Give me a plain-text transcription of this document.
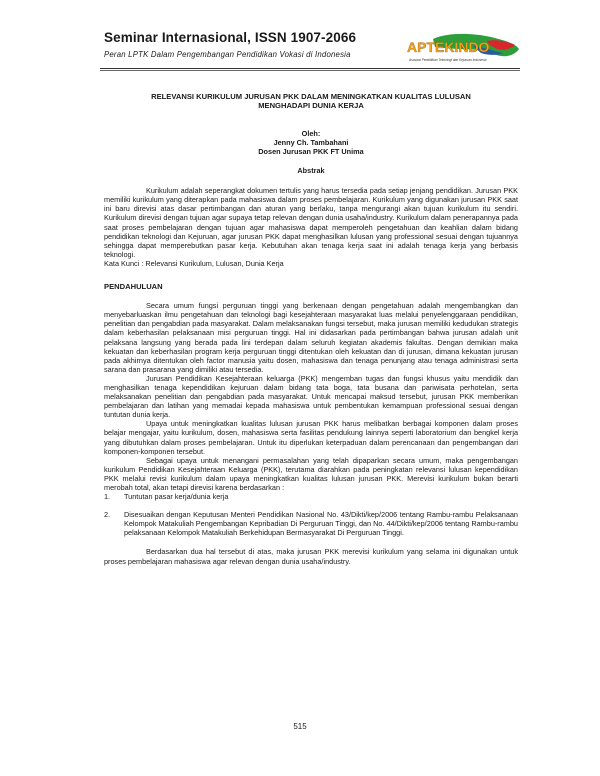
Seminar Internasional, ISSN 1907-2066
Peran LPTK Dalam Pengembangan Pendidikan Vokasi di Indonesia	APTEKINDO
Asosiasi Pendidikan Teknologi dan Kejuruan Indonesia
RELEVANSI KURIKULUM JURUSAN PKK DALAM MENINGKATKAN KUALITAS LULUSAN
MENGHADAPI DUNIA KERJA
Oleh:
Jenny Ch. Tambahani
Dosen Jurusan PKK FT Unima
Abstrak

Kurikulum adalah seperangkat dokumen tertulis yang harus tersedia pada setiap jenjang pendidikan. Jurusan PKK memiliki kurikulum yang diterapkan pada mahasiswa dalam proses pembelajaran. Kurikulum yang digunakan jurusan PKK saat ini baru direvisi atas dasar pertimbangan dan aturan yang berlaku, tanpa mengurangi akan tujuan kurikulum itu sendiri. Kurikulum direvisi dengan tujuan agar supaya tetap relevan dengan dunia usaha/industry. Kurikulum dalam penerapannya pada saat proses pembelajaran dengan tujuan agar mahasiswa dapat memperoleh pengetahuan dan keahlian dalam bidang pendidikan teknologi dan Kejuruan, agar jurusan PKK dapat menghasilkan lulusan yang professional sesuai dengan tujuannya sehingga dapat memperebutkan pasar kerja. Kebutuhan akan tenaga kerja saat ini adalah tenaga kerja yang berbasis teknologi.

Kata Kunci : Relevansi Kurikulum, Lulusan, Dunia Kerja

PENDAHULUAN

Secara umum fungsi perguruan tinggi yang berkenaan dengan pengetahuan adalah mengembangkan dan menyebarluaskan ilmu pengetahuan dan teknologi bagi kesejahteraan masyarakat luas melalui penyelenggaraan pendidikan, penelitian dan pengabdian pada masyarakat. Dalam melaksanakan fungsi tersebut, maka jurusan memiliki kedudukan strategis dalam keberhasilan pelaksanaan misi perguruan tinggi. Hal ini didasarkan pada pertimbangan bahwa jurusan adalah unit pelaksana langsung yang berada pada lini terdepan dalam seluruh kegiatan akademis fakultas. Dengan demikian maka kekuatan dan keberhasilan program kerja perguruan tinggi ditentukan oleh kekuatan dan di jurusan, dimana kekuatan jurusan pada akhirnya ditentukan oleh factor manusia yaitu dosen, mahasiswa dan tenaga penunjang atau tenaga administrasi serta sarana dan prasarana yang dimiliki atau tersedia.

Jurusan Pendidikan Kesejahteraan keluarga (PKK) mengemban tugas dan fungsi khusus yaitu mendidik dan menghasilkan tenaga kependidikan kejuruan dalam bidang tata boga, tata busana dan pariwisata perhotelan, serta melaksanakan penelitian dan pengabdian pada masyarakat. Untuk mencapai maksud tersebut, jurusan PKK memberikan pembelajaran dan latihan yang memadai kepada mahasiswa untuk pembentukan kemampuan professional sesuai dengan tuntutan dunia kerja.

Upaya untuk meningkatkan kualitas lulusan jurusan PKK harus melibatkan berbagai komponen dalam proses belajar mengajar, yaitu kurikulum, dosen, mahasiswa serta fasilitas pendukung lainnya seperti laboratorium dan bengkel kerja yang dibutuhkan dalam proses pembelajaran. Untuk itu diperlukan keterpaduan dalam perencanaan dan pengembangan dari komponen-komponen tersebut.

Sebagai upaya untuk menangani permasalahan yang telah dipaparkan secara umum, maka pengembangan kurikulum Pendidikan Kesejahteraan Keluarga (PKK), terutama diarahkan pada peningkatan relevansi lulusan kependidikan PKK melalui revisi kurikulum dalam upaya meningkatkan kualitas lulusan jurusan PKK. Merevisi kurikulum bukan berarti merobah total, akan tetapi direvisi karena berdasarkan :

1. Tuntutan pasar kerja/dunia kerja
2. Disesuaikan dengan Keputusan Menteri Pendidikan Nasional No. 43/Dikti/kep/2006 tentang Rambu-rambu Pelaksanaan Kelompok Matakuliah Pengembangan Kepribadian Di Perguruan Tinggi, dan No. 44/Dikti/kep/2006 tentang Rambu-rambu pelaksanaan Kelompok Matakuliah Berkehidupan Bermasyarakat Di Perguruan Tinggi.

Berdasarkan dua hal tersebut di atas, maka jurusan PKK merevisi kurikulum yang selama ini digunakan untuk proses pembelajaran mahasiswa agar relevan dengan dunia usaha/industry.

515
